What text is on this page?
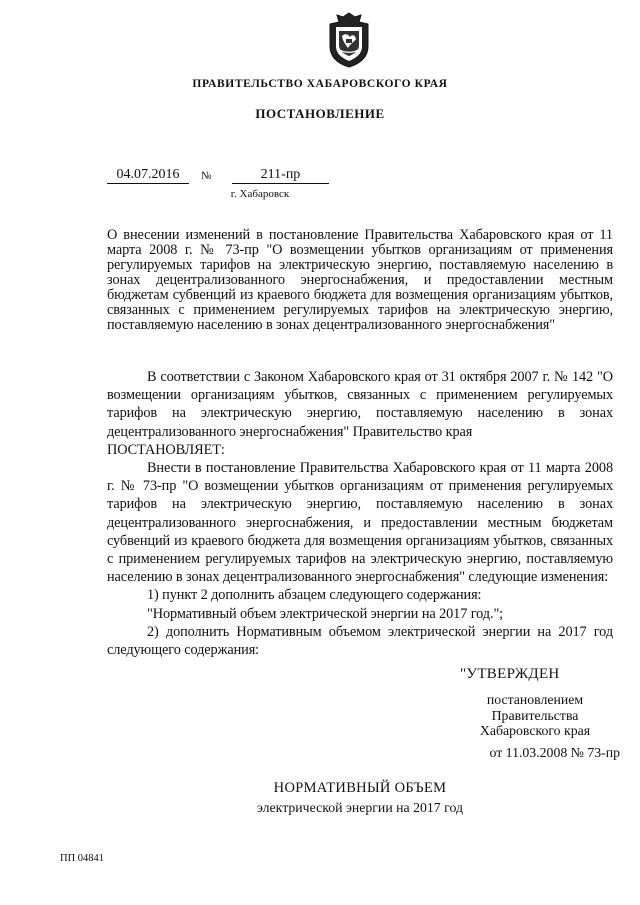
ПРАВИТЕЛЬСТВО ХАБАРОВСКОГО КРАЯ
ПОСТАНОВЛЕНИЕ
04.07.2016	№	211-пр
г. Хабаровск
О внесении изменений в постановление Правительства Хабаровского края от 11 марта 2008 г. № 73-пр "О возмещении убытков организациям от применения регулируемых тарифов на электрическую энергию, поставляемую населению в зонах децентрализованного энергоснабжения, и предоставлении местным бюджетам субвенций из краевого бюджета для возмещения организациям убытков, связанных с применением регулируемых тарифов на электрическую энергию, поставляемую населению в зонах децентрализованного энергоснабжения"

В соответствии с Законом Хабаровского края от 31 октября 2007 г. № 142 "О возмещении организациям убытков, связанных с применением регулируемых тарифов на электрическую энергию, поставляемую населению в зонах децентрализованного энергоснабжения" Правительство края

ПОСТАНОВЛЯЕТ:

Внести в постановление Правительства Хабаровского края от 11 марта 2008 г. № 73-пр "О возмещении убытков организациям от применения регулируемых тарифов на электрическую энергию, поставляемую населению в зонах децентрализованного энергоснабжения, и предоставлении местным бюджетам субвенций из краевого бюджета для возмещения организациям убытков, связанных с применением регулируемых тарифов на электрическую энергию, поставляемую населению в зонах децентрализованного энергоснабжения" следующие изменения:

1) пункт 2 дополнить абзацем следующего содержания:

"Нормативный объем электрической энергии на 2017 год.";

2) дополнить Нормативным объемом электрической энергии на 2017 год следующего содержания:

"УТВЕРЖДЕН
постановлением
Правительства
Хабаровского края
от 11.03.2008 № 73-пр
НОРМАТИВНЫЙ ОБЪЕМ
электрической энергии на 2017 год
ПП 04841
